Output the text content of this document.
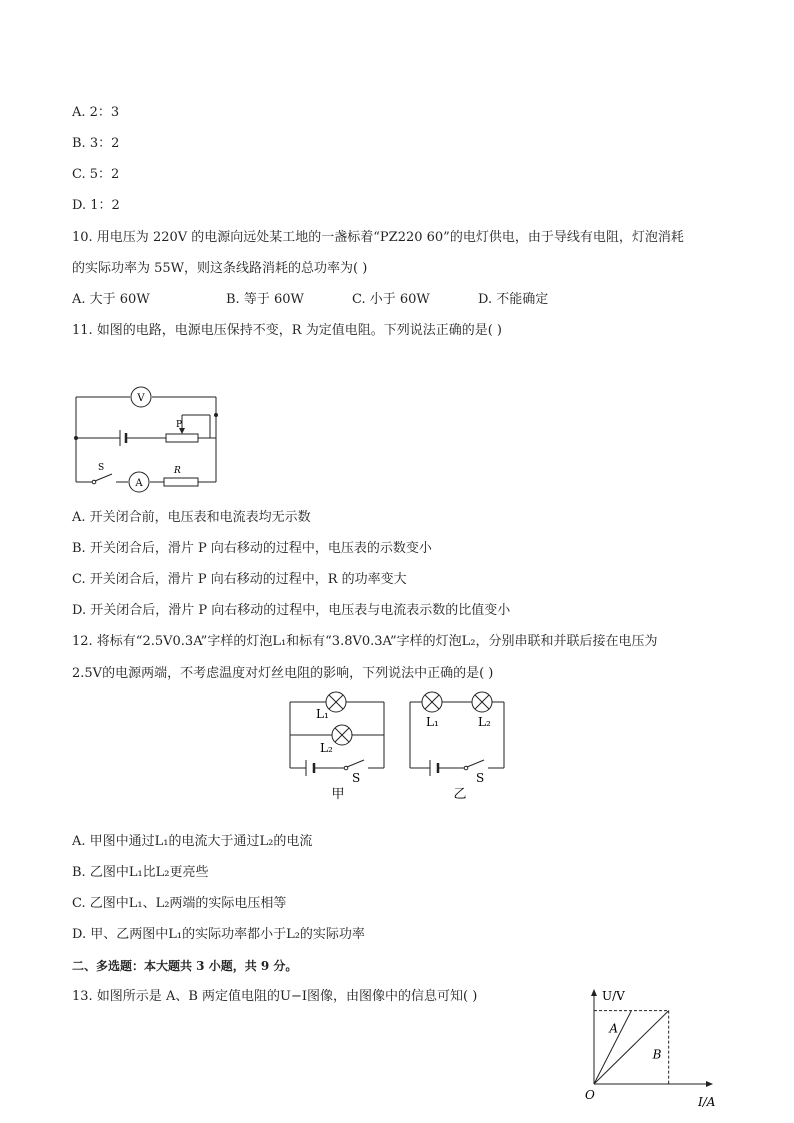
A. 2：3
B. 3：2
C. 5：2
D. 1：2
10. 用电压为 220V 的电源向远处某工地的一盏标着“PZ220 60”的电灯供电，由于导线有电阻，灯泡消耗
的实际功率为 55W，则这条线路消耗的总功率为( )
A. 大于 60W	B. 等于 60W	C. 小于 60W	D. 不能确定
11. 如图的电路，电源电压保持不变，R 为定值电阻。下列说法正确的是( )
V
P
S
A
R
A. 开关闭合前，电压表和电流表均无示数
B. 开关闭合后，滑片 P 向右移动的过程中，电压表的示数变小
C. 开关闭合后，滑片 P 向右移动的过程中，R 的功率变大
D. 开关闭合后，滑片 P 向右移动的过程中，电压表与电流表示数的比值变小
12. 将标有“2.5V0.3A”字样的灯泡L₁和标有“3.8V0.3A”字样的灯泡L₂，分别串联和并联后接在电压为
2.5V的电源两端，不考虑温度对灯丝电阻的影响，下列说法中正确的是( )
L₁
L₂
S
甲
L₁	L₂
S
乙
A. 甲图中通过L₁的电流大于通过L₂的电流
B. 乙图中L₁比L₂更亮些
C. 乙图中L₁、L₂两端的实际电压相等
D. 甲、乙两图中L₁的实际功率都小于L₂的实际功率
二、多选题：本大题共 3 小题，共 9 分。
13. 如图所示是 A、B 两定值电阻的U−I图像，由图像中的信息可知( )	U/V
I/A
O
A
B
